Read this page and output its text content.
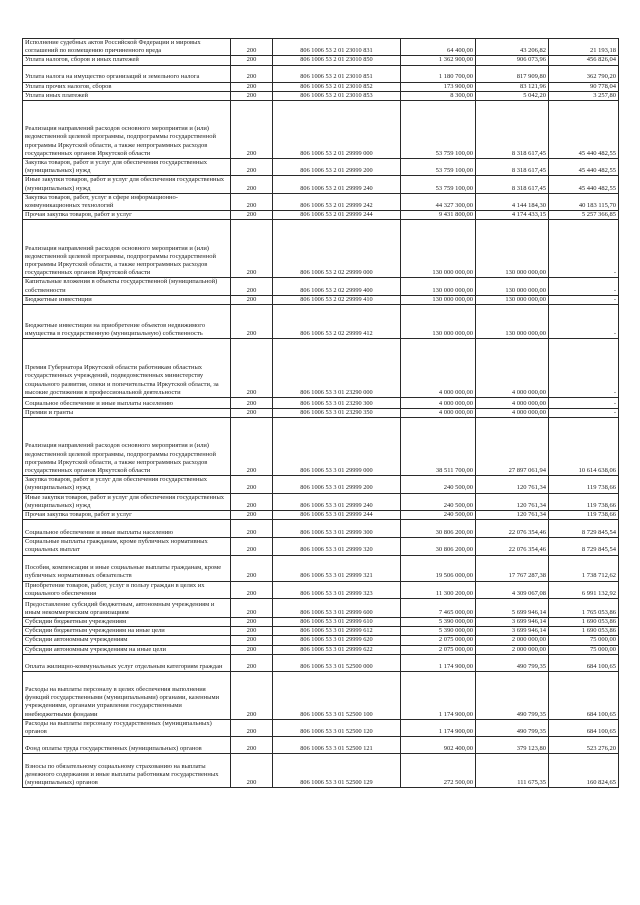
Исполнение судебных актов Российской Федерации и мировых соглашений по возмещению причиненного вреда	200	806 1006 53 2 01 23010 831	64 400,00	43 206,82	21 193,18
Уплата налогов, сборов и иных платежей	200	806 1006 53 2 01 23010 850	1 362 900,00	906 073,96	456 826,04
Уплата налога на имущество организаций и земельного налога	200	806 1006 53 2 01 23010 851	1 180 700,00	817 909,80	362 790,20
Уплата прочих налогов, сборов	200	806 1006 53 2 01 23010 852	173 900,00	83 121,96	90 778,04
Уплата иных платежей	200	806 1006 53 2 01 23010 853	8 300,00	5 042,20	3 257,80
Реализация направлений расходов основного мероприятия и (или) ведомственной целевой программы, подпрограммы государственной программы Иркутской области, а также непрограммных расходов государственных органов Иркутской области	200	806 1006 53 2 01 29999 000	53 759 100,00	8 318 617,45	45 440 482,55
Закупка товаров, работ и услуг для обеспечения государственных (муниципальных) нужд	200	806 1006 53 2 01 29999 200	53 759 100,00	8 318 617,45	45 440 482,55
Иные закупки товаров, работ и услуг для обеспечения государственных (муниципальных) нужд	200	806 1006 53 2 01 29999 240	53 759 100,00	8 318 617,45	45 440 482,55
Закупка товаров, работ, услуг в сфере информационно-коммуникационных технологий	200	806 1006 53 2 01 29999 242	44 327 300,00	4 144 184,30	40 183 115,70
Прочая закупка товаров, работ и услуг	200	806 1006 53 2 01 29999 244	9 431 800,00	4 174 433,15	5 257 366,85
Реализация направлений расходов основного мероприятия и (или) ведомственной целевой программы, подпрограммы государственной программы Иркутской области, а также непрограммных расходов государственных органов Иркутской области	200	806 1006 53 2 02 29999 000	130 000 000,00	130 000 000,00	-
Капитальные вложения в объекты государственной (муниципальной) собственности	200	806 1006 53 2 02 29999 400	130 000 000,00	130 000 000,00	-
Бюджетные инвестиции	200	806 1006 53 2 02 29999 410	130 000 000,00	130 000 000,00	-
Бюджетные инвестиции на приобретение объектов недвижимого имущества в государственную (муниципальную) собственность	200	806 1006 53 2 02 29999 412	130 000 000,00	130 000 000,00	-
Премия Губернатора Иркутской области работникам областных государственных учреждений, подведомственных министерству социального развития, опеки и попечительства Иркутской области, за высокие достижения в профессиональной деятельности	200	806 1006 53 3 01 23290 000	4 000 000,00	4 000 000,00	-
Социальное обеспечение и иные выплаты населению	200	806 1006 53 3 01 23290 300	4 000 000,00	4 000 000,00	-
Премии и гранты	200	806 1006 53 3 01 23290 350	4 000 000,00	4 000 000,00	-
Реализация направлений расходов основного мероприятия и (или) ведомственной целевой программы, подпрограммы государственной программы Иркутской области, а также непрограммных расходов государственных органов Иркутской области	200	806 1006 53 3 01 29999 000	38 511 700,00	27 897 061,94	10 614 638,06
Закупка товаров, работ и услуг для обеспечения государственных (муниципальных) нужд	200	806 1006 53 3 01 29999 200	240 500,00	120 761,34	119 738,66
Иные закупки товаров, работ и услуг для обеспечения государственных (муниципальных) нужд	200	806 1006 53 3 01 29999 240	240 500,00	120 761,34	119 738,66
Прочая закупка товаров, работ и услуг	200	806 1006 53 3 01 29999 244	240 500,00	120 761,34	119 738,66
Социальное обеспечение и иные выплаты населению	200	806 1006 53 3 01 29999 300	30 806 200,00	22 076 354,46	8 729 845,54
Социальные выплаты гражданам, кроме публичных нормативных социальных выплат	200	806 1006 53 3 01 29999 320	30 806 200,00	22 076 354,46	8 729 845,54
Пособия, компенсации и иные социальные выплаты гражданам, кроме публичных нормативных обязательств	200	806 1006 53 3 01 29999 321	19 506 000,00	17 767 287,38	1 738 712,62
Приобретение товаров, работ, услуг в пользу граждан в целях их социального обеспечения	200	806 1006 53 3 01 29999 323	11 300 200,00	4 309 067,08	6 991 132,92
Предоставление субсидий бюджетным, автономным учреждениям и иным некоммерческим организациям	200	806 1006 53 3 01 29999 600	7 465 000,00	5 699 946,14	1 765 053,86
Субсидии бюджетным учреждениям	200	806 1006 53 3 01 29999 610	5 390 000,00	3 699 946,14	1 690 053,86
Субсидии бюджетным учреждениям на иные цели	200	806 1006 53 3 01 29999 612	5 390 000,00	3 699 946,14	1 690 053,86
Субсидии автономным учреждениям	200	806 1006 53 3 01 29999 620	2 075 000,00	2 000 000,00	75 000,00
Субсидии автономным учреждениям на иные цели	200	806 1006 53 3 01 29999 622	2 075 000,00	2 000 000,00	75 000,00
Оплата жилищно-коммунальных услуг отдельным категориям граждан	200	806 1006 53 3 01 52500 000	1 174 900,00	490 799,35	684 100,65
Расходы на выплаты персоналу в целях обеспечения выполнения функций государственными (муниципальными) органами, казенными учреждениями, органами управления государственными внебюджетными фондами	200	806 1006 53 3 01 52500 100	1 174 900,00	490 799,35	684 100,65
Расходы на выплаты персоналу государственных (муниципальных) органов	200	806 1006 53 3 01 52500 120	1 174 900,00	490 799,35	684 100,65
Фонд оплаты труда государственных (муниципальных) органов	200	806 1006 53 3 01 52500 121	902 400,00	379 123,80	523 276,20
Взносы по обязательному социальному страхованию на выплаты денежного содержания и иные выплаты работникам государственных (муниципальных) органов	200	806 1006 53 3 01 52500 129	272 500,00	111 675,35	160 824,65
